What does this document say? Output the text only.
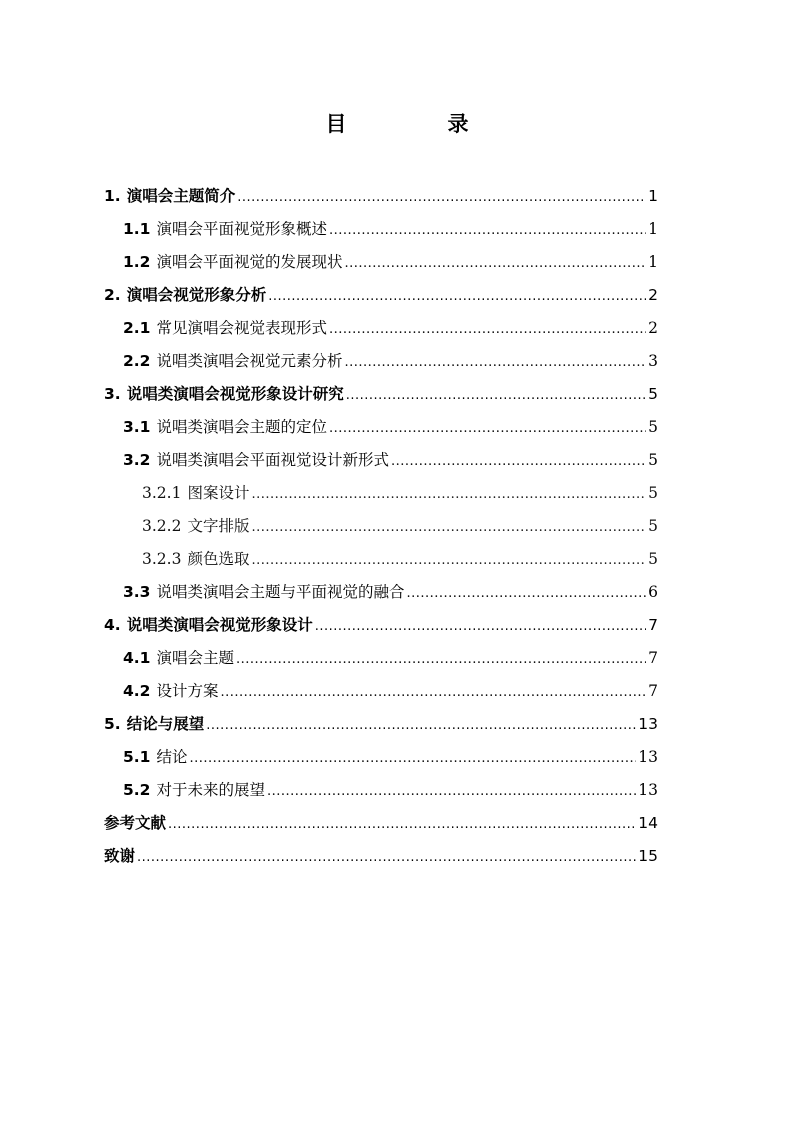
目　录
1. 演唱会主题简介 .....	1
1.1 演唱会平面视觉形象概述 .....	1
1.2 演唱会平面视觉的发展现状 .....	1
2. 演唱会视觉形象分析 .....	2
2.1 常见演唱会视觉表现形式 .....	2
2.2 说唱类演唱会视觉元素分析 .....	3
3. 说唱类演唱会视觉形象设计研究 .....	5
3.1 说唱类演唱会主题的定位 .....	5
3.2 说唱类演唱会平面视觉设计新形式 .....	5
3.2.1 图案设计 .....	5
3.2.2 文字排版 .....	5
3.2.3 颜色选取 .....	5
3.3 说唱类演唱会主题与平面视觉的融合 .....	6
4. 说唱类演唱会视觉形象设计 .....	7
4.1 演唱会主题 .....	7
4.2 设计方案 .....	7
5. 结论与展望 .....	13
5.1 结论 .....	13
5.2 对于未来的展望 .....	13
参考文献 .....	14
致谢 .....	15
